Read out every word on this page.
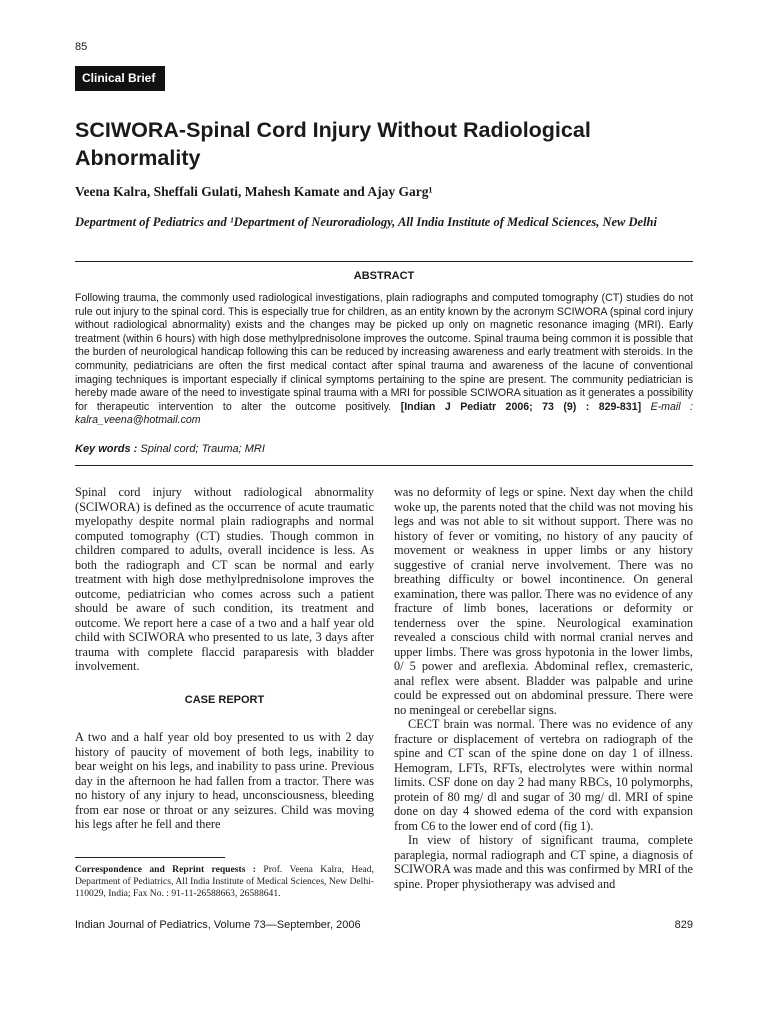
85
Clinical Brief
SCIWORA-Spinal Cord Injury Without Radiological Abnormality
Veena Kalra, Sheffali Gulati, Mahesh Kamate and Ajay Garg¹
Department of Pediatrics and ¹Department of Neuroradiology, All India Institute of Medical Sciences, New Delhi
ABSTRACT
Following trauma, the commonly used radiological investigations, plain radiographs and computed tomography (CT) studies do not rule out injury to the spinal cord. This is especially true for children, as an entity known by the acronym SCIWORA (spinal cord injury without radiological abnormality) exists and the changes may be picked up only on magnetic resonance imaging (MRI). Early treatment (within 6 hours) with high dose methylprednisolone improves the outcome. Spinal trauma being common it is possible that the burden of neurological handicap following this can be reduced by increasing awareness and early treatment with steroids. In the community, pediatricians are often the first medical contact after spinal trauma and awareness of the lacune of conventional imaging techniques is important especially if clinical symptoms pertaining to the spine are present. The community pediatrician is hereby made aware of the need to investigate spinal trauma with a MRI for possible SCIWORA situation as it generates a possibility for therapeutic intervention to alter the outcome positively. [Indian J Pediatr 2006; 73 (9) : 829-831] E-mail : kalra_veena@hotmail.com
Key words : Spinal cord; Trauma; MRI

Spinal cord injury without radiological abnormality (SCIWORA) is defined as the occurrence of acute traumatic myelopathy despite normal plain radiographs and normal computed tomography (CT) studies. Though common in children compared to adults, overall incidence is less. As both the radiograph and CT scan be normal and early treatment with high dose methylprednisolone improves the outcome, pediatrician who comes across such a patient should be aware of such condition, its treatment and outcome. We report here a case of a two and a half year old child with SCIWORA who presented to us late, 3 days after trauma with complete flaccid paraparesis with bladder involvement.

CASE REPORT

A two and a half year old boy presented to us with 2 day history of paucity of movement of both legs, inability to bear weight on his legs, and inability to pass urine. Previous day in the afternoon he had fallen from a tractor. There was no history of any injury to head, unconsciousness, bleeding from ear nose or throat or any seizures. Child was moving his legs after he fell and there

was no deformity of legs or spine. Next day when the child woke up, the parents noted that the child was not moving his legs and was not able to sit without support. There was no history of fever or vomiting, no history of any paucity of movement or weakness in upper limbs or any history suggestive of cranial nerve involvement. There was no breathing difficulty or bowel incontinence. On general examination, there was pallor. There was no evidence of any fracture of limb bones, lacerations or deformity or tenderness over the spine. Neurological examination revealed a conscious child with normal cranial nerves and upper limbs. There was gross hypotonia in the lower limbs, 0/ 5 power and areflexia. Abdominal reflex, cremasteric, anal reflex were absent. Bladder was palpable and urine could be expressed out on abdominal pressure. There were no meningeal or cerebellar signs.

CECT brain was normal. There was no evidence of any fracture or displacement of vertebra on radiograph of the spine and CT scan of the spine done on day 1 of illness. Hemogram, LFTs, RFTs, electrolytes were within normal limits. CSF done on day 2 had many RBCs, 10 polymorphs, protein of 80 mg/ dl and sugar of 30 mg/ dl. MRI of spine done on day 4 showed edema of the cord with expansion from C6 to the lower end of cord (fig 1).

In view of history of significant trauma, complete paraplegia, normal radiograph and CT spine, a diagnosis of SCIWORA was made and this was confirmed by MRI of the spine. Proper physiotherapy was advised and

Correspondence and Reprint requests : Prof. Veena Kalra, Head, Department of Pediatrics, All India Institute of Medical Sciences, New Delhi-110029, India; Fax No. : 91-11-26588663, 26588641.
Indian Journal of Pediatrics, Volume 73—September, 2006	829
